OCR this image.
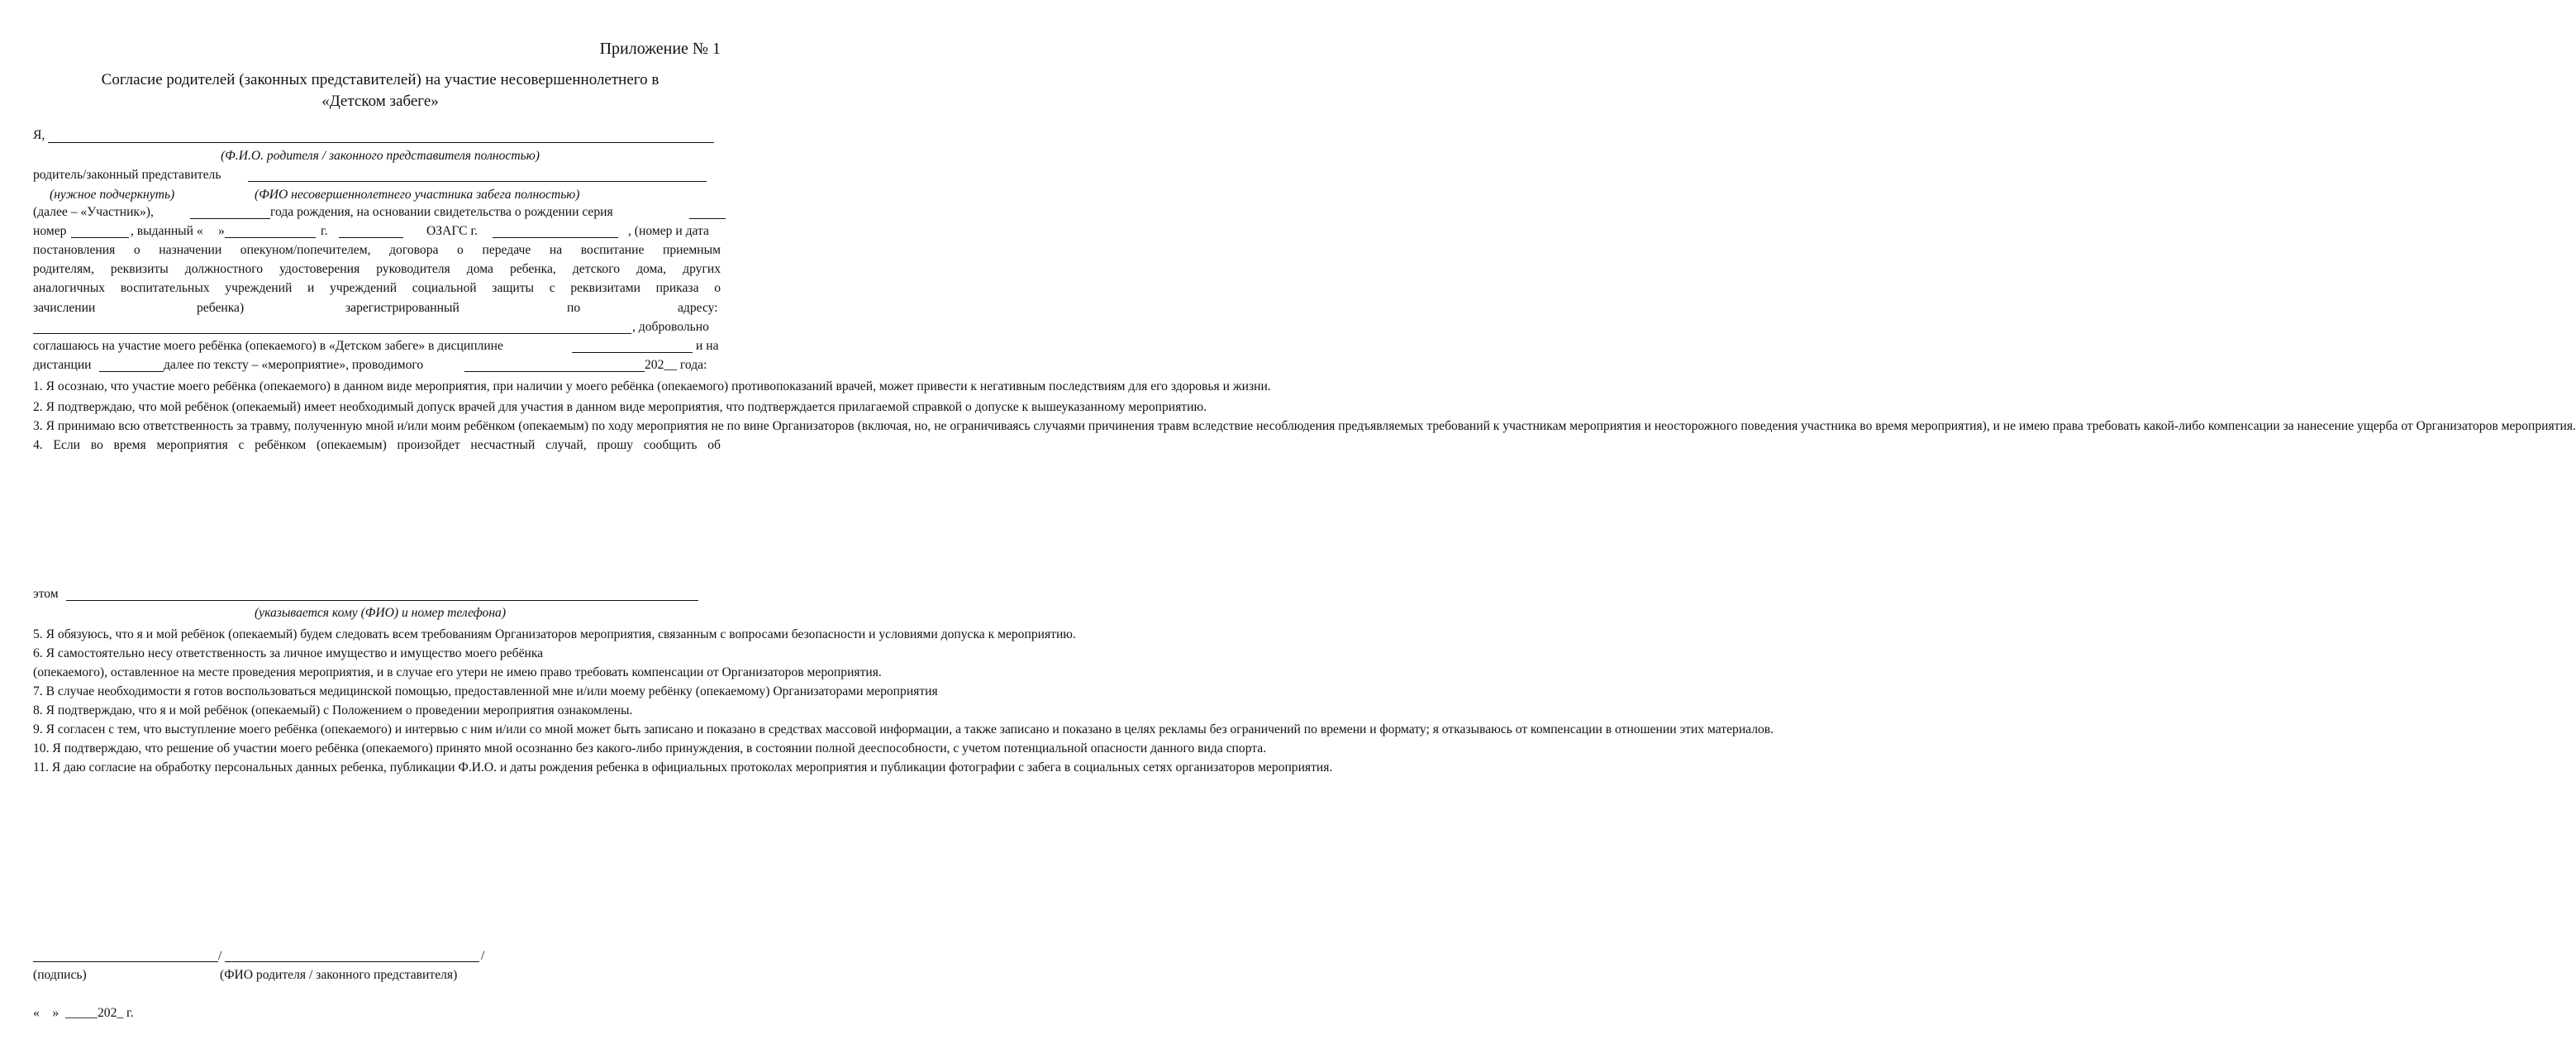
Приложение № 1
Согласие родителей (законных представителей) на участие несовершеннолетнего в
«Детском забеге»
Я,
(Ф.И.О. родителя / законного представителя полностью)
родитель/законный представитель
(нужное подчеркнуть)	(ФИО несовершеннолетнего участника забега полностью)
(далее – «Участник»),	года рождения, на основании свидетельства о рождении серия
номер	, выданный « »	г.	ОЗАГС г.	, (номер и дата
постановления о назначении опекуном/попечителем, договора о передаче на воспитание приемным
родителям, реквизиты должностного удостоверения руководителя дома ребенка, детского дома, других
аналогичных воспитательных учреждений и учреждений социальной защиты с реквизитами приказа о
зачислении	ребенка)	зарегистрированный	по	адресу:
, добровольно
соглашаюсь на участие моего ребёнка (опекаемого) в «Детском забеге» в дисциплине	и на
дистанции	далее по тексту – «мероприятие», проводимого	202__ года:

1. Я осознаю, что участие моего ребёнка (опекаемого) в данном виде мероприятия, при наличии у моего ребёнка (опекаемого) противопоказаний врачей, может привести к негативным последствиям для его здоровья и жизни.

2. Я подтверждаю, что мой ребёнок (опекаемый) имеет необходимый допуск врачей для участия в данном виде мероприятия, что подтверждается прилагаемой справкой о допуске к вышеуказанному мероприятию.

3. Я принимаю всю ответственность за травму, полученную мной и/или моим ребёнком (опекаемым) по ходу мероприятия не по вине Организаторов (включая, но, не ограничиваясь случаями причинения травм вследствие несоблюдения предъявляемых требований к участникам мероприятия и неосторожного поведения участника во время мероприятия), и не имею права требовать какой-либо компенсации за нанесение ущерба от Организаторов мероприятия.

4. Если во время мероприятия с ребёнком (опекаемым) произойдет несчастный случай, прошу сообщить об

этом
(указывается кому (ФИО) и номер телефона)

5. Я обязуюсь, что я и мой ребёнок (опекаемый) будем следовать всем требованиям Организаторов мероприятия, связанным с вопросами безопасности и условиями допуска к мероприятию.

6. Я самостоятельно несу ответственность за личное имущество и имущество моего ребёнка

(опекаемого), оставленное на месте проведения мероприятия, и в случае его утери не имею право требовать компенсации от Организаторов мероприятия.

7. В случае необходимости я готов воспользоваться медицинской помощью, предоставленной мне и/или моему ребёнку (опекаемому) Организаторами мероприятия

8. Я подтверждаю, что я и мой ребёнок (опекаемый) с Положением о проведении мероприятия ознакомлены.

9. Я согласен с тем, что выступление моего ребёнка (опекаемого) и интервью с ним и/или со мной может быть записано и показано в средствах массовой информации, а также записано и показано в целях рекламы без ограничений по времени и формату; я отказываюсь от компенсации в отношении этих материалов.

10. Я подтверждаю, что решение об участии моего ребёнка (опекаемого) принято мной осознанно без какого-либо принуждения, в состоянии полной дееспособности, с учетом потенциальной опасности данного вида спорта.

11. Я даю согласие на обработку персональных данных ребенка, публикации Ф.И.О. и даты рождения ребенка в официальных протоколах мероприятия и публикации фотографии с забега в социальных сетях организаторов мероприятия.

/	/
(подпись)	(ФИО родителя / законного представителя)
«    »  _____202_ г.
